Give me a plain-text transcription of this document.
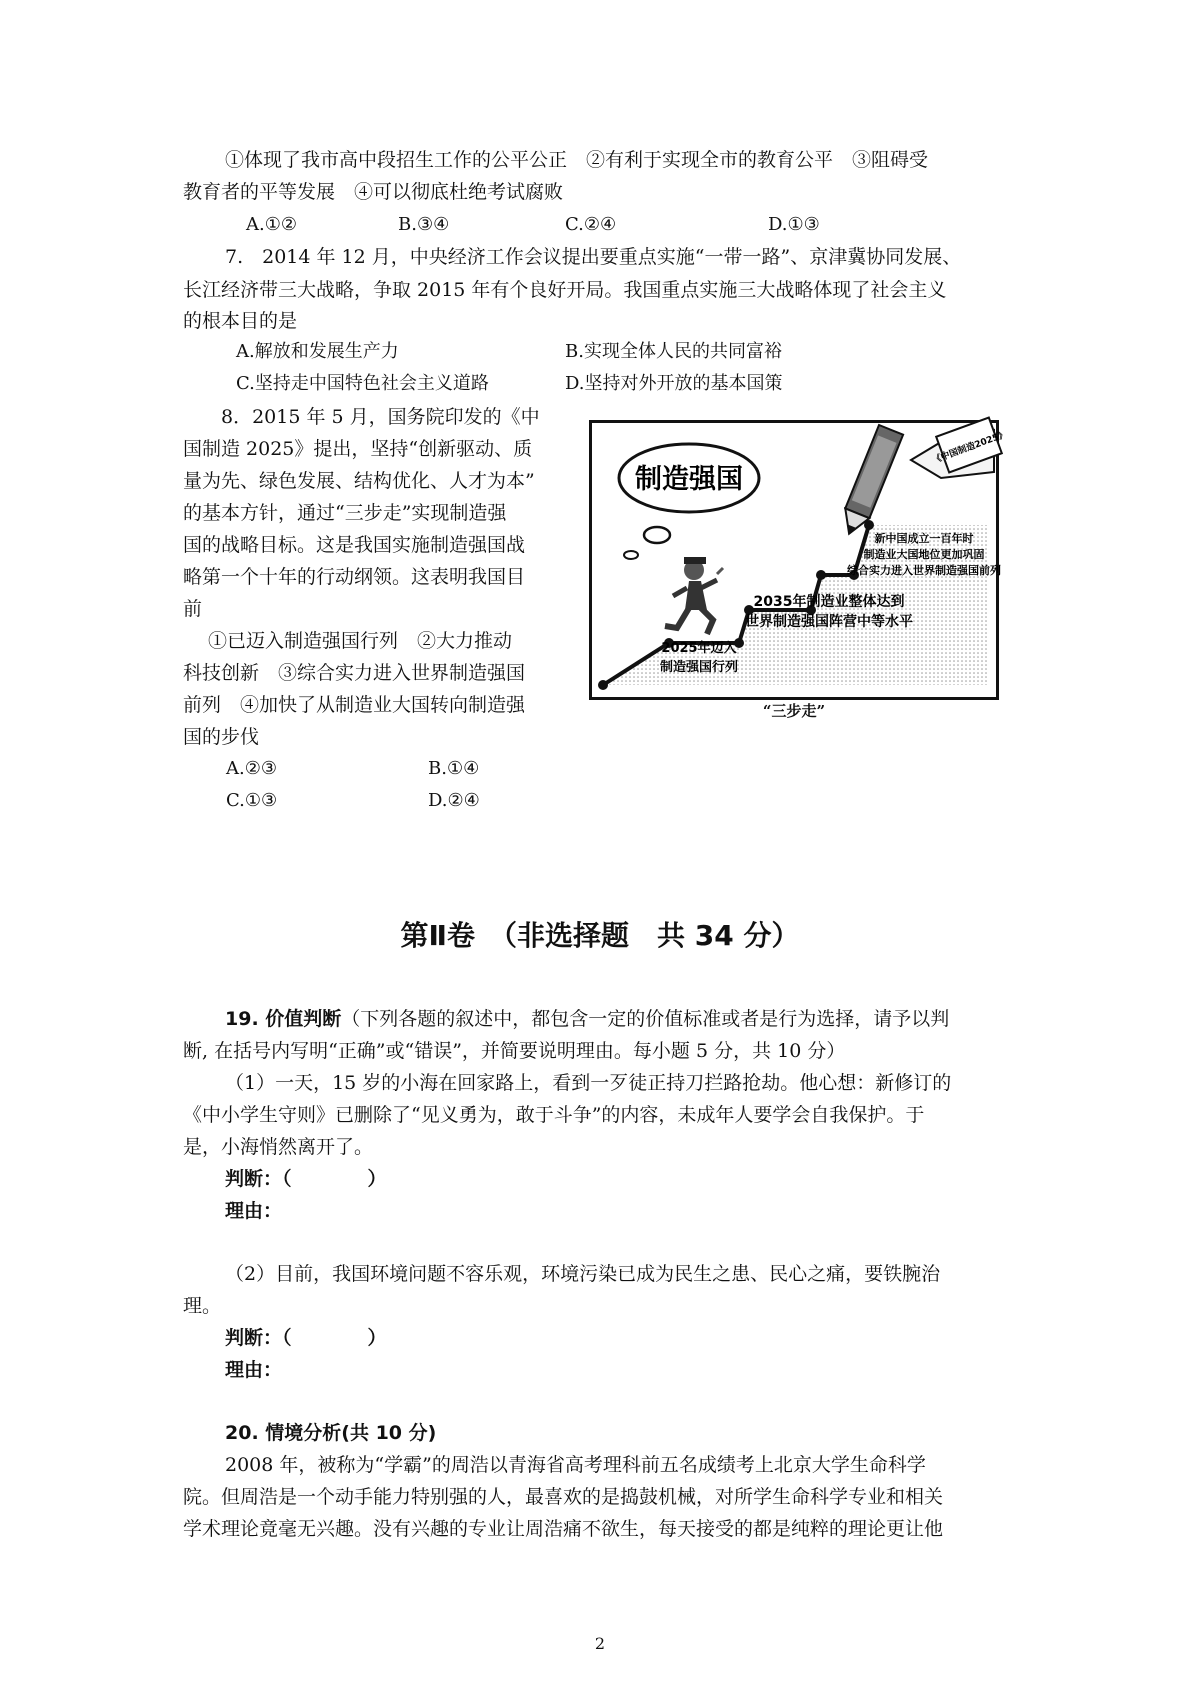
①体现了我市高中段招生工作的公平公正　②有利于实现全市的教育公平　③阻碍受
教育者的平等发展　④可以彻底杜绝考试腐败
A.①②	B.③④	C.②④	D.①③
7.　2014 年 12 月，中央经济工作会议提出要重点实施“一带一路”、京津冀协同发展、
长江经济带三大战略，争取 2015 年有个良好开局。我国重点实施三大战略体现了社会主义
的根本目的是
A.解放和发展生产力	B.实现全体人民的共同富裕
C.坚持走中国特色社会主义道路	D.坚持对外开放的基本国策
8．2015 年 5 月，国务院印发的《中
国制造 2025》提出，坚持“创新驱动、质
量为先、绿色发展、结构优化、人才为本”
的基本方针，通过“三步走”实现制造强
国的战略目标。这是我国实施制造强国战
略第一个十年的行动纲领。这表明我国目
前
①已迈入制造强国行列　②大力推动
科技创新　③综合实力进入世界制造强国
前列　④加快了从制造业大国转向制造强
国的步伐
A.②③	B.①④
C.①③	D.②④
制造强国
《中国制造2025》
2025年迈入
制造强国行列
2035年制造业整体达到
世界制造强国阵营中等水平
新中国成立一百年时
制造业大国地位更加巩固
综合实力进入世界制造强国前列
“三步走”
第Ⅱ卷　（非选择题　共 34 分）
19. 价值判断（下列各题的叙述中，都包含一定的价值标准或者是行为选择，请予以判
断, 在括号内写明“正确”或“错误”，并简要说明理由。每小题 5 分，共 10 分）
（1）一天，15 岁的小海在回家路上，看到一歹徒正持刀拦路抢劫。他心想：新修订的
《中小学生守则》已删除了“见义勇为，敢于斗争”的内容，未成年人要学会自我保护。于
是，小海悄然离开了。
判断：（　　　　）
理由：
（2）目前，我国环境问题不容乐观，环境污染已成为民生之患、民心之痛，要铁腕治
理。
判断：（　　　　）
理由：
20. 情境分析(共 10 分)
2008 年，被称为“学霸”的周浩以青海省高考理科前五名成绩考上北京大学生命科学
院。但周浩是一个动手能力特别强的人，最喜欢的是捣鼓机械，对所学生命科学专业和相关
学术理论竟毫无兴趣。没有兴趣的专业让周浩痛不欲生，每天接受的都是纯粹的理论更让他
2
